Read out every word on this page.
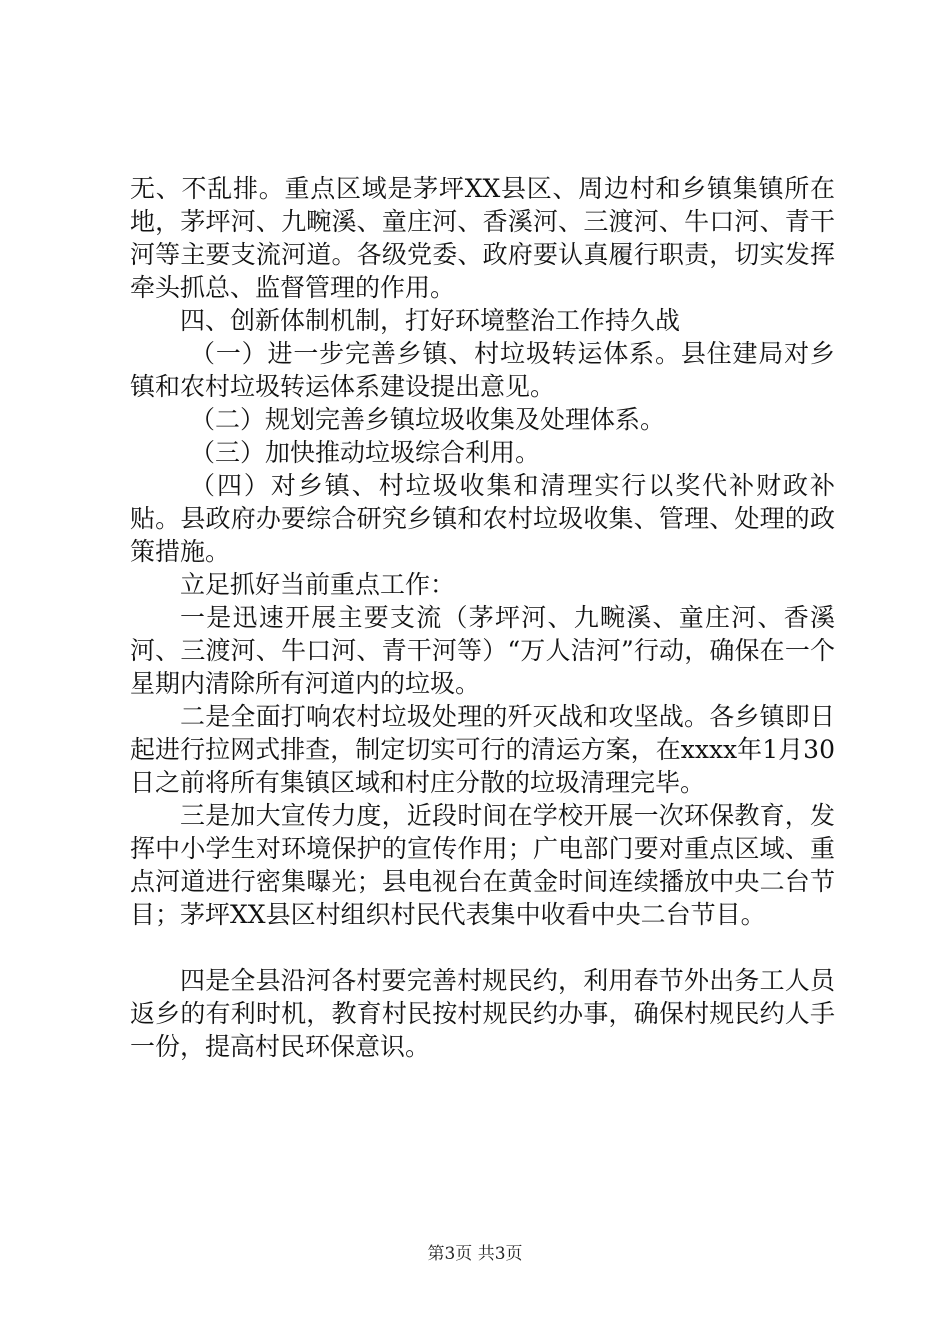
无、不乱排。重点区域是茅坪XX县区、周边村和乡镇集镇所在地，茅坪河、九畹溪、童庄河、香溪河、三渡河、牛口河、青干河等主要支流河道。各级党委、政府要认真履行职责，切实发挥牵头抓总、监督管理的作用。

四、创新体制机制，打好环境整治工作持久战

（一）进一步完善乡镇、村垃圾转运体系。县住建局对乡镇和农村垃圾转运体系建设提出意见。

（二）规划完善乡镇垃圾收集及处理体系。

（三）加快推动垃圾综合利用。

（四）对乡镇、村垃圾收集和清理实行以奖代补财政补贴。县政府办要综合研究乡镇和农村垃圾收集、管理、处理的政策措施。

立足抓好当前重点工作：

一是迅速开展主要支流（茅坪河、九畹溪、童庄河、香溪河、三渡河、牛口河、青干河等）“万人洁河”行动，确保在一个星期内清除所有河道内的垃圾。

二是全面打响农村垃圾处理的歼灭战和攻坚战。各乡镇即日起进行拉网式排查，制定切实可行的清运方案，在xxxx年1月30日之前将所有集镇区域和村庄分散的垃圾清理完毕。

三是加大宣传力度，近段时间在学校开展一次环保教育，发挥中小学生对环境保护的宣传作用；广电部门要对重点区域、重点河道进行密集曝光；县电视台在黄金时间连续播放中央二台节目；茅坪XX县区村组织村民代表集中收看中央二台节目。

四是全县沿河各村要完善村规民约，利用春节外出务工人员返乡的有利时机，教育村民按村规民约办事，确保村规民约人手一份，提高村民环保意识。

第3页 共3页
